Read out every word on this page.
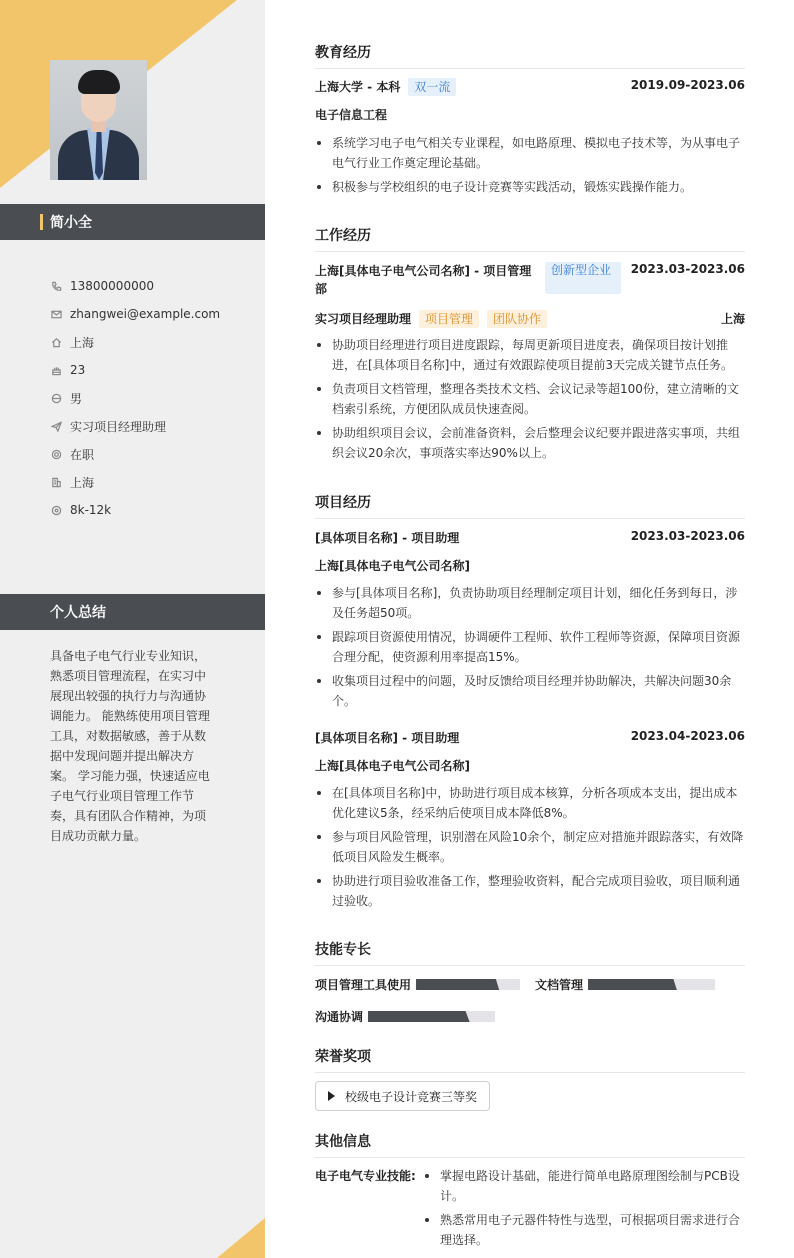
简小全
13800000000
zhangwei@example.com
上海
23
男
实习项目经理助理
在职
上海
8k-12k
个人总结
具备电子电气行业专业知识，熟悉项目管理流程，在实习中展现出较强的执行力与沟通协调能力。 能熟练使用项目管理工具，对数据敏感，善于从数据中发现问题并提出解决方案。 学习能力强，快速适应电子电气行业项目管理工作节奏，具有团队合作精神，为项目成功贡献力量。
教育经历
上海大学 - 本科	双一流	2019.09-2023.06
电子信息工程
系统学习电子电气相关专业课程，如电路原理、模拟电子技术等，为从事电子电气行业工作奠定理论基础。
积极参与学校组织的电子设计竞赛等实践活动，锻炼实践操作能力。
工作经历
上海[具体电子电气公司名称] - 项目管理部
创新型企业	2023.03-2023.06
实习项目经理助理	项目管理	团队协作	上海
协助项目经理进行项目进度跟踪，每周更新项目进度表，确保项目按计划推进，在[具体项目名称]中，通过有效跟踪使项目提前3天完成关键节点任务。
负责项目文档管理，整理各类技术文档、会议记录等超100份，建立清晰的文档索引系统，方便团队成员快速查阅。
协助组织项目会议，会前准备资料，会后整理会议纪要并跟进落实事项，共组织会议20余次，事项落实率达90%以上。
项目经历
[具体项目名称] - 项目助理	2023.03-2023.06
上海[具体电子电气公司名称]
参与[具体项目名称]，负责协助项目经理制定项目计划，细化任务到每日，涉及任务超50项。
跟踪项目资源使用情况，协调硬件工程师、软件工程师等资源，保障项目资源合理分配，使资源利用率提高15%。
收集项目过程中的问题，及时反馈给项目经理并协助解决，共解决问题30余个。
[具体项目名称] - 项目助理	2023.04-2023.06
上海[具体电子电气公司名称]
在[具体项目名称]中，协助进行项目成本核算，分析各项成本支出，提出成本优化建议5条，经采纳后使项目成本降低8%。
参与项目风险管理，识别潜在风险10余个，制定应对措施并跟踪落实，有效降低项目风险发生概率。
协助进行项目验收准备工作，整理验收资料，配合完成项目验收，项目顺利通过验收。
技能专长
项目管理工具使用	文档管理
沟通协调
荣誉奖项
校级电子设计竞赛三等奖
其他信息
电子电气专业技能:	掌握电路设计基础，能进行简单电路原理图绘制与PCB设计。
熟悉常用电子元器件特性与选型，可根据项目需求进行合理选择。
